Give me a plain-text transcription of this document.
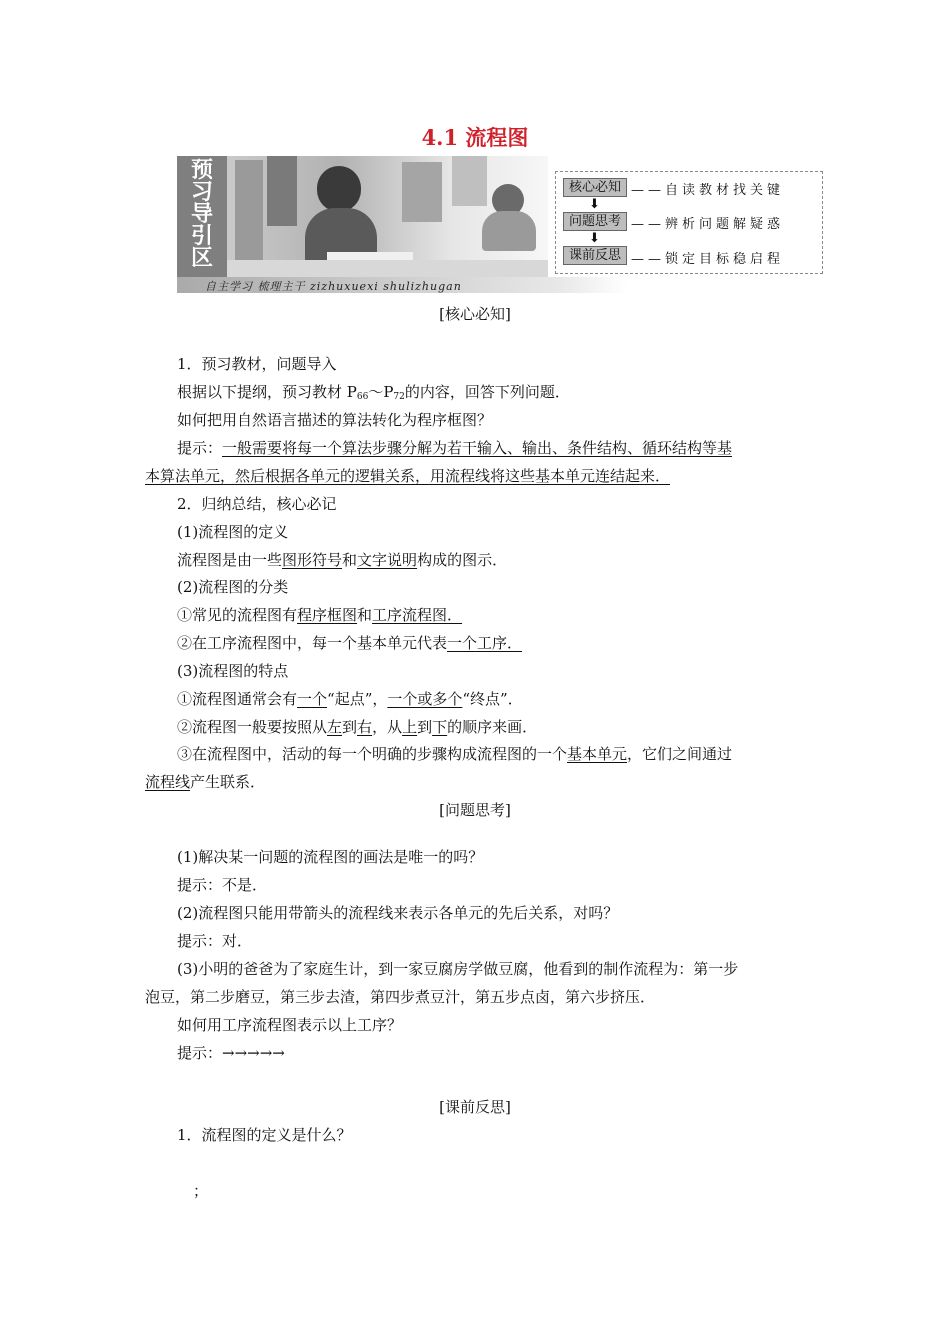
4.1 流程图
预
习
导
引
区
自主学习 梳理主干 zizhuxuexi shulizhugan
核心必知 ——自读教材找关键
⬇
问题思考 ——辨析问题解疑惑
⬇
课前反思 ——锁定目标稳启程
[核心必知]
1．预习教材，问题导入
根据以下提纲，预习教材 $P_{66}\sim P_{72}$的内容，回答下列问题．
如何把用自然语言描述的算法转化为程序框图？
提示：一般需要将每一个算法步骤分解为若干输入、输出、条件结构、循环结构等基
本算法单元，然后根据各单元的逻辑关系，用流程线将这些基本单元连结起来．
2．归纳总结，核心必记
(1)流程图的定义
流程图是由一些图形符号和文字说明构成的图示．
(2)流程图的分类
①常见的流程图有程序框图和工序流程图．
②在工序流程图中，每一个基本单元代表一个工序．
(3)流程图的特点
①流程图通常会有一个“起点”，一个或多个“终点”．
②流程图一般要按照从左到右，从上到下的顺序来画．
③在流程图中，活动的每一个明确的步骤构成流程图的一个基本单元，它们之间通过
流程线产生联系．
[问题思考]
(1)解决某一问题的流程图的画法是唯一的吗？
提示：不是．
(2)流程图只能用带箭头的流程线来表示各单元的先后关系，对吗？
提示：对．
(3)小明的爸爸为了家庭生计，到一家豆腐房学做豆腐，他看到的制作流程为：第一步
泡豆，第二步磨豆，第三步去渣，第四步煮豆汁，第五步点卤，第六步挤压．
如何用工序流程图表示以上工序？
提示：→→→→→
[课前反思]
1．流程图的定义是什么？
；
